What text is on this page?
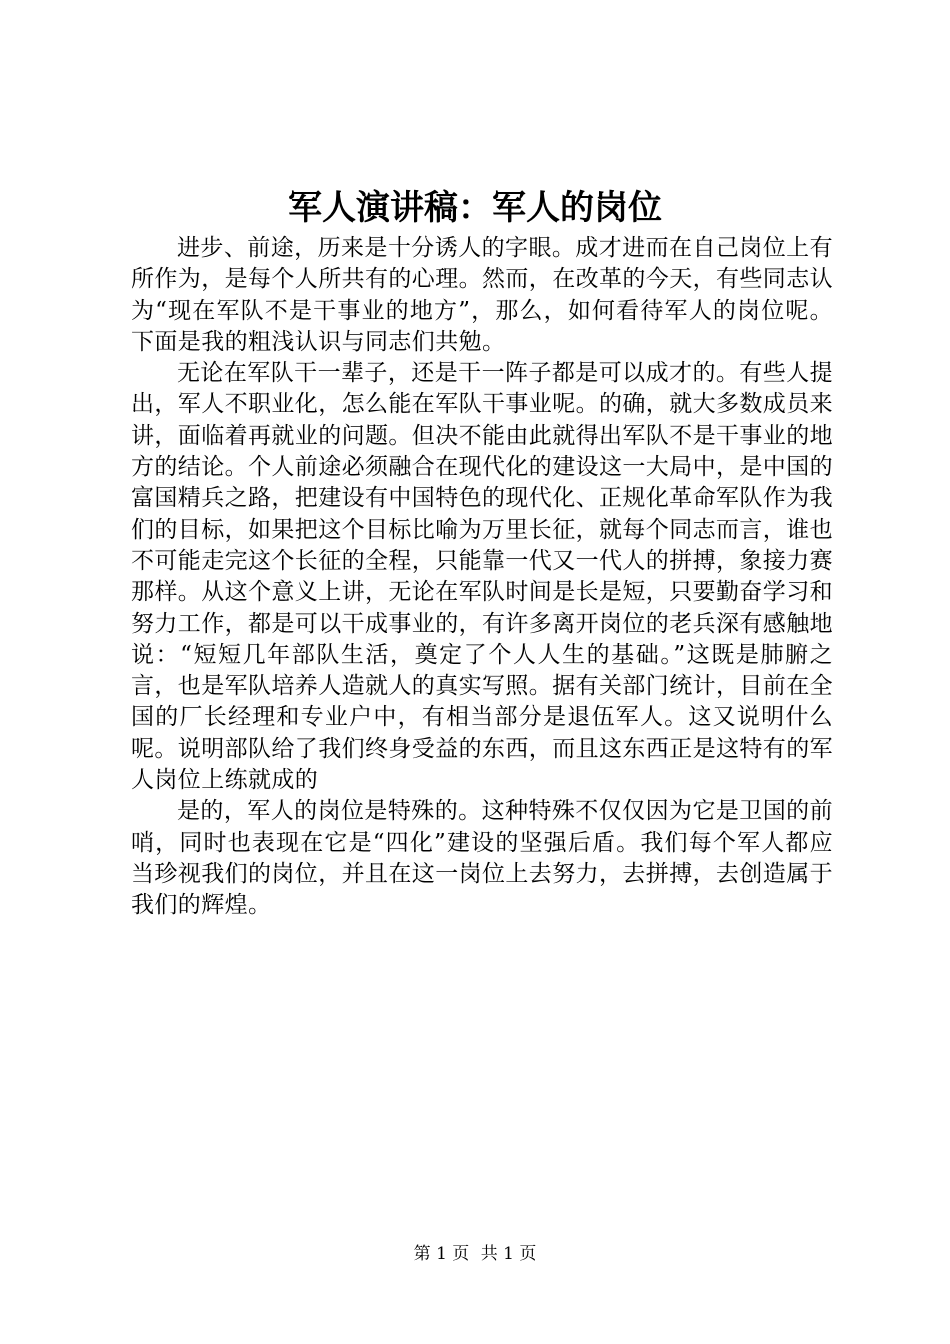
军人演讲稿：军人的岗位

进步、前途，历来是十分诱人的字眼。成才进而在自己岗位上有所作为，是每个人所共有的心理。然而，在改革的今天，有些同志认为“现在军队不是干事业的地方”，那么，如何看待军人的岗位呢。下面是我的粗浅认识与同志们共勉。

无论在军队干一辈子，还是干一阵子都是可以成才的。有些人提出，军人不职业化，怎么能在军队干事业呢。的确，就大多数成员来讲，面临着再就业的问题。但决不能由此就得出军队不是干事业的地方的结论。个人前途必须融合在现代化的建设这一大局中，是中国的富国精兵之路，把建设有中国特色的现代化、正规化革命军队作为我们的目标，如果把这个目标比喻为万里长征，就每个同志而言，谁也不可能走完这个长征的全程，只能靠一代又一代人的拼搏，象接力赛那样。从这个意义上讲，无论在军队时间是长是短，只要勤奋学习和努力工作，都是可以干成事业的，有许多离开岗位的老兵深有感触地说：“短短几年部队生活，奠定了个人人生的基础。”这既是肺腑之言，也是军队培养人造就人的真实写照。据有关部门统计，目前在全国的厂长经理和专业户中，有相当部分是退伍军人。这又说明什么呢。说明部队给了我们终身受益的东西，而且这东西正是这特有的军人岗位上练就成的

是的，军人的岗位是特殊的。这种特殊不仅仅因为它是卫国的前哨，同时也表现在它是“四化”建设的坚强后盾。我们每个军人都应当珍视我们的岗位，并且在这一岗位上去努力，去拼搏，去创造属于我们的辉煌。

第 1 页 共 1 页
